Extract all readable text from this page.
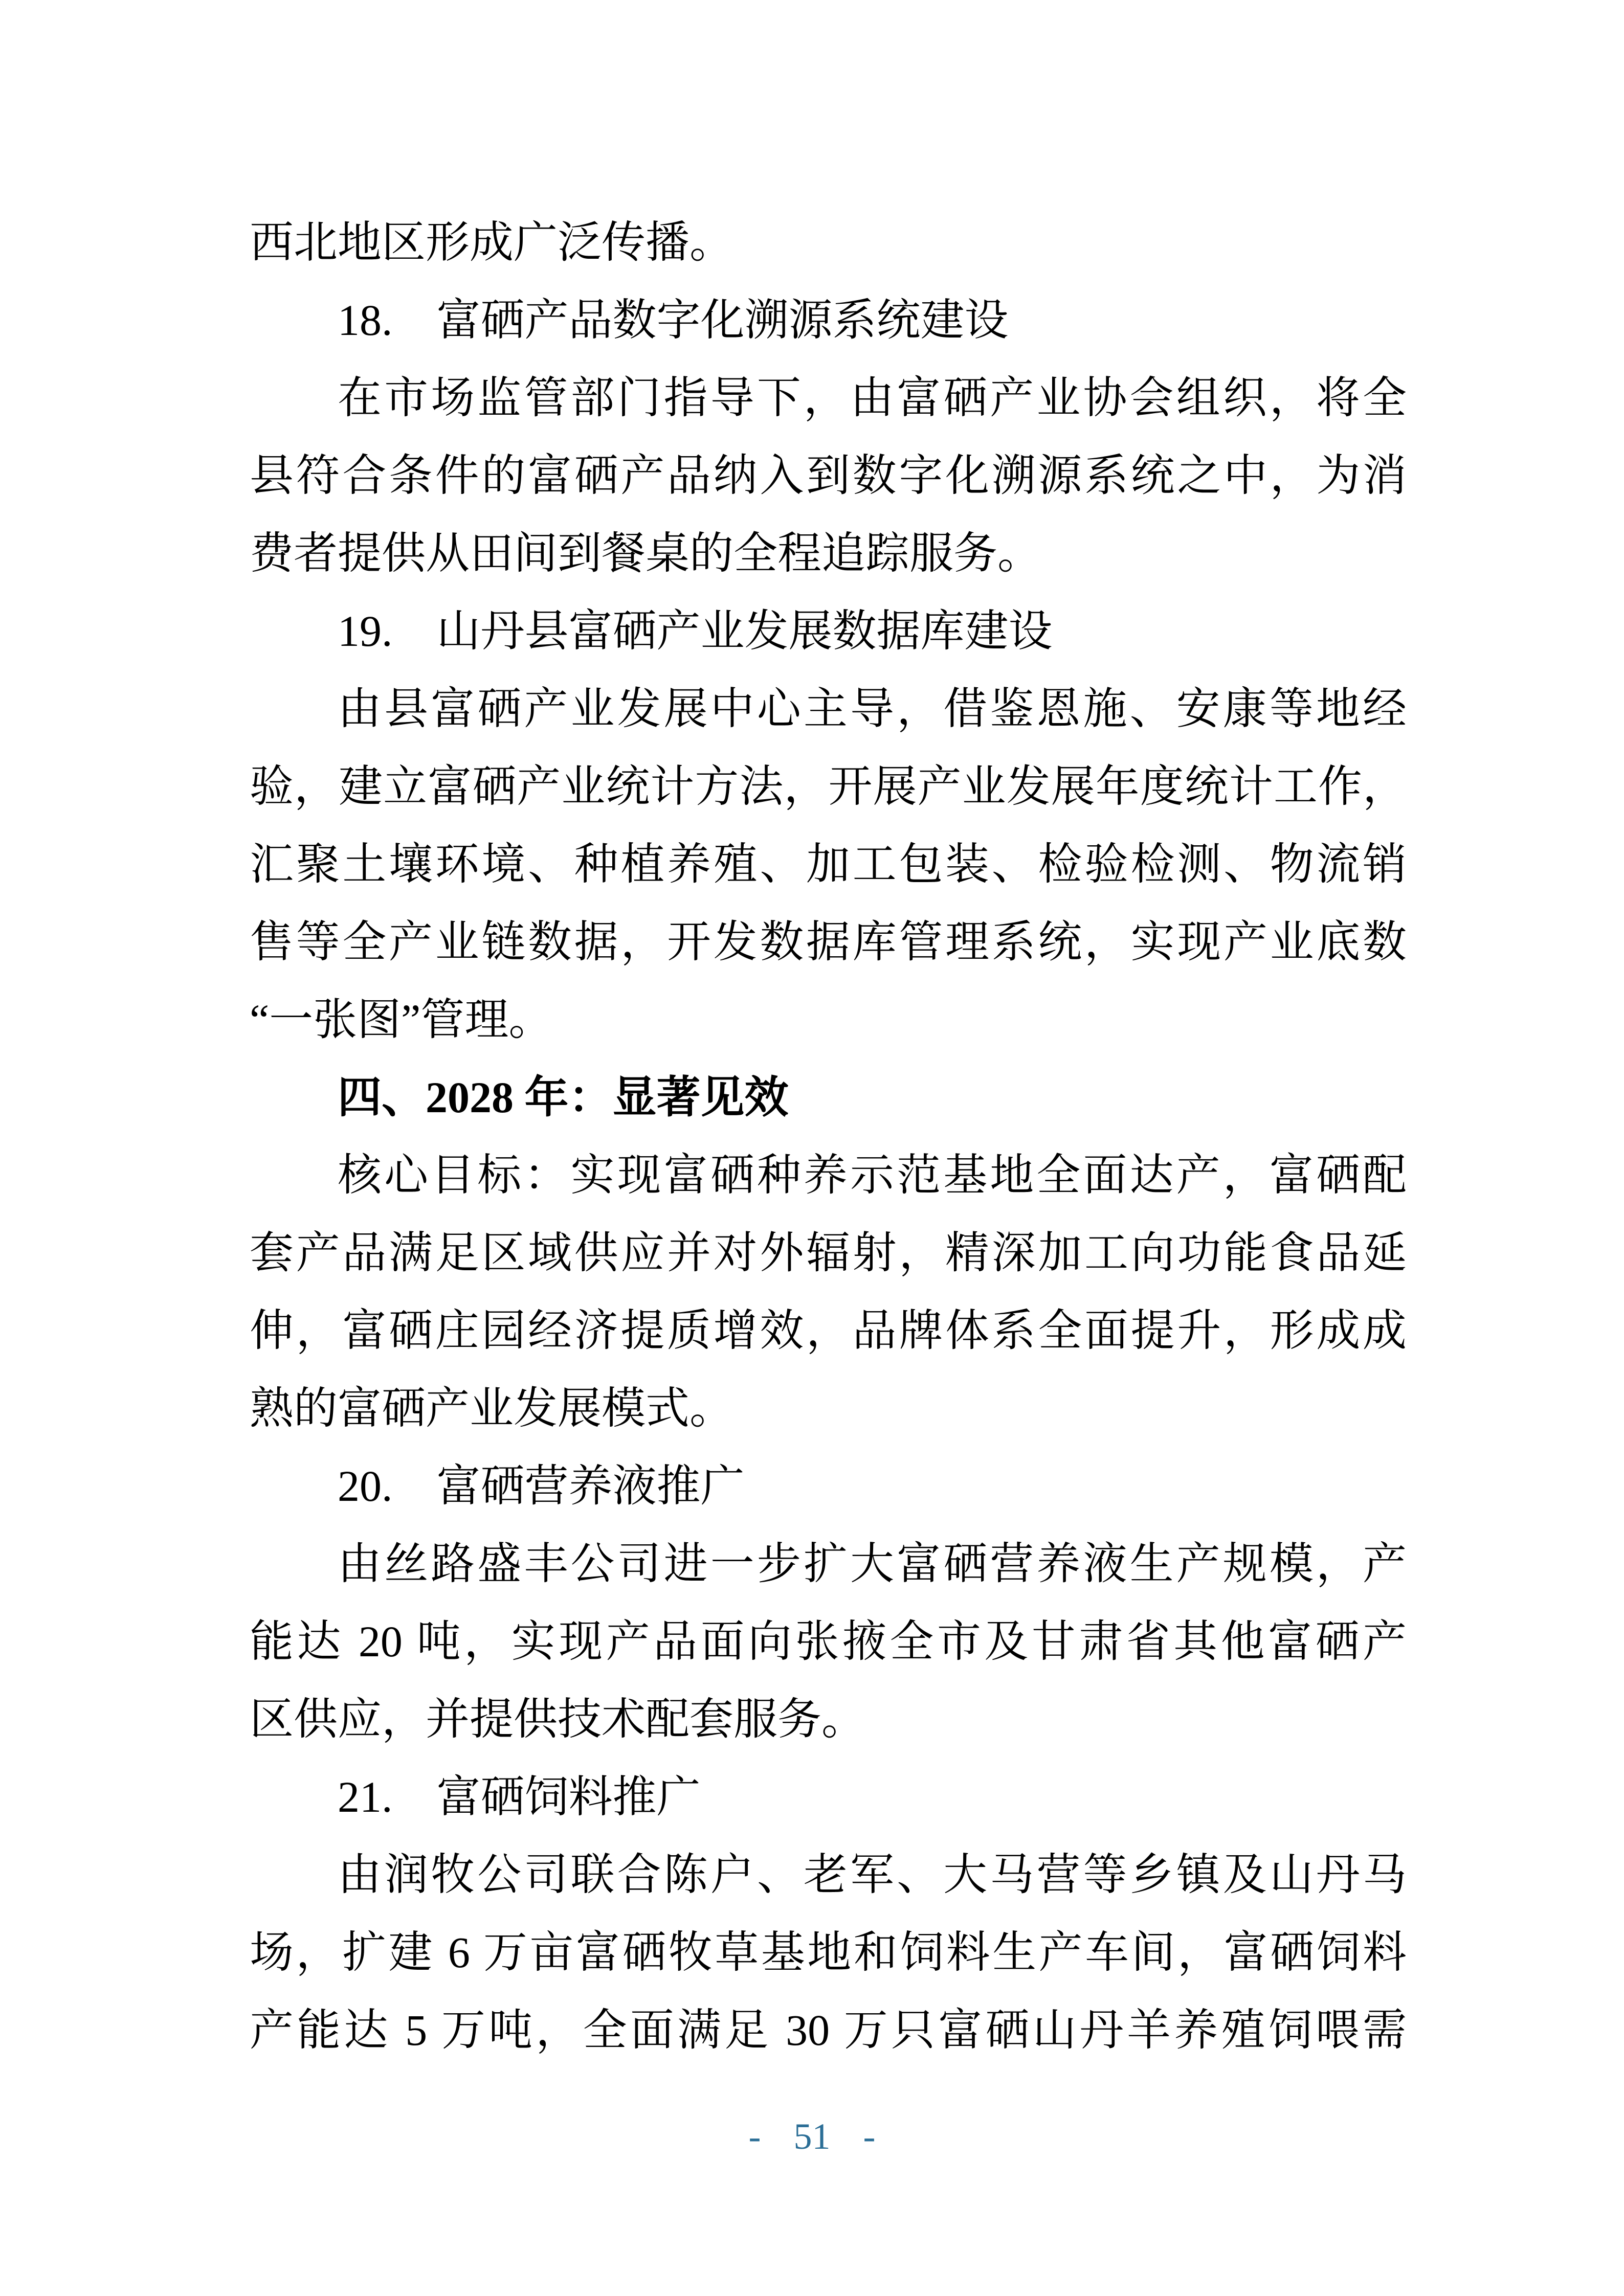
西北地区形成广泛传播。
18.　富硒产品数字化溯源系统建设
在市场监管部门指导下，由富硒产业协会组织，将全
县符合条件的富硒产品纳入到数字化溯源系统之中，为消
费者提供从田间到餐桌的全程追踪服务。
19.　山丹县富硒产业发展数据库建设
由县富硒产业发展中心主导，借鉴恩施、安康等地经
验，建立富硒产业统计方法，开展产业发展年度统计工作，
汇聚土壤环境、种植养殖、加工包装、检验检测、物流销
售等全产业链数据，开发数据库管理系统，实现产业底数
“一张图”管理。
四、2028 年：显著见效
核心目标：实现富硒种养示范基地全面达产，富硒配
套产品满足区域供应并对外辐射，精深加工向功能食品延
伸，富硒庄园经济提质增效，品牌体系全面提升，形成成
熟的富硒产业发展模式。
20.　富硒营养液推广
由丝路盛丰公司进一步扩大富硒营养液生产规模，产
能达 20 吨，实现产品面向张掖全市及甘肃省其他富硒产
区供应，并提供技术配套服务。
21.　富硒饲料推广
由润牧公司联合陈户、老军、大马营等乡镇及山丹马
场，扩建 6 万亩富硒牧草基地和饲料生产车间，富硒饲料
产能达 5 万吨，全面满足 30 万只富硒山丹羊养殖饲喂需
- 51 -
